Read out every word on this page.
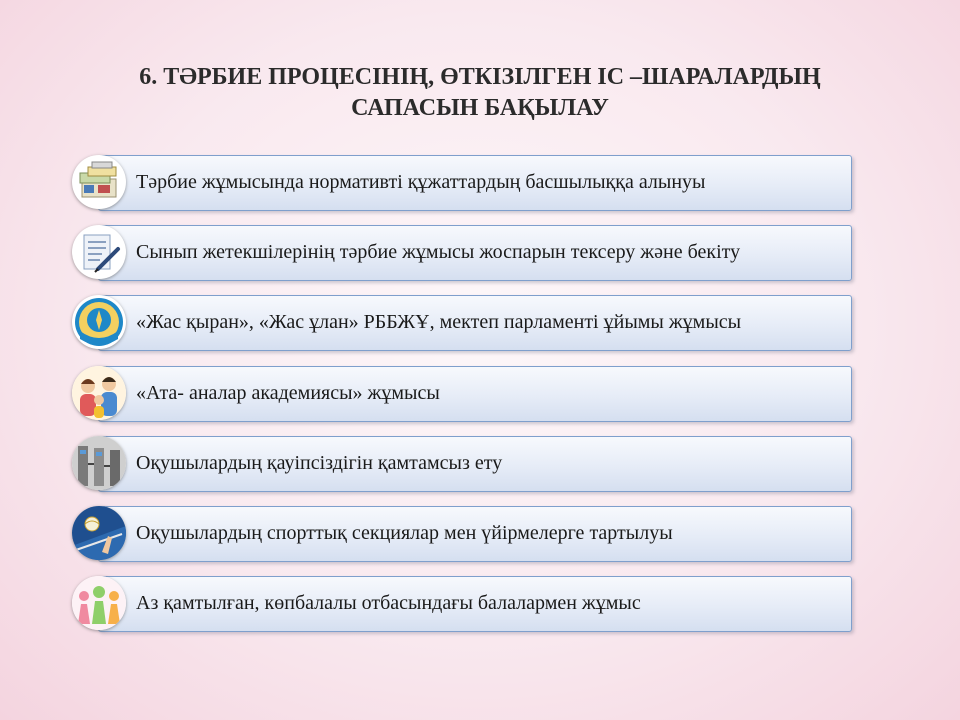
6. ТӘРБИЕ ПРОЦЕСІНІҢ, ӨТКІЗІЛГЕН ІС –ШАРАЛАРДЫҢ
САПАСЫН БАҚЫЛАУ
Тәрбие жұмысында нормативті құжаттардың басшылыққа алынуы
Сынып жетекшілерінің тәрбие жұмысы жоспарын тексеру және бекіту
«Жас қыран», «Жас ұлан» РББЖҰ, мектеп парламенті ұйымы жұмысы
«Ата- аналар академиясы» жұмысы
Оқушылардың қауіпсіздігін қамтамсыз ету
Оқушылардың спорттық секциялар мен үйірмелерге тартылуы
Аз қамтылған, көпбалалы отбасындағы балалармен жұмыс
